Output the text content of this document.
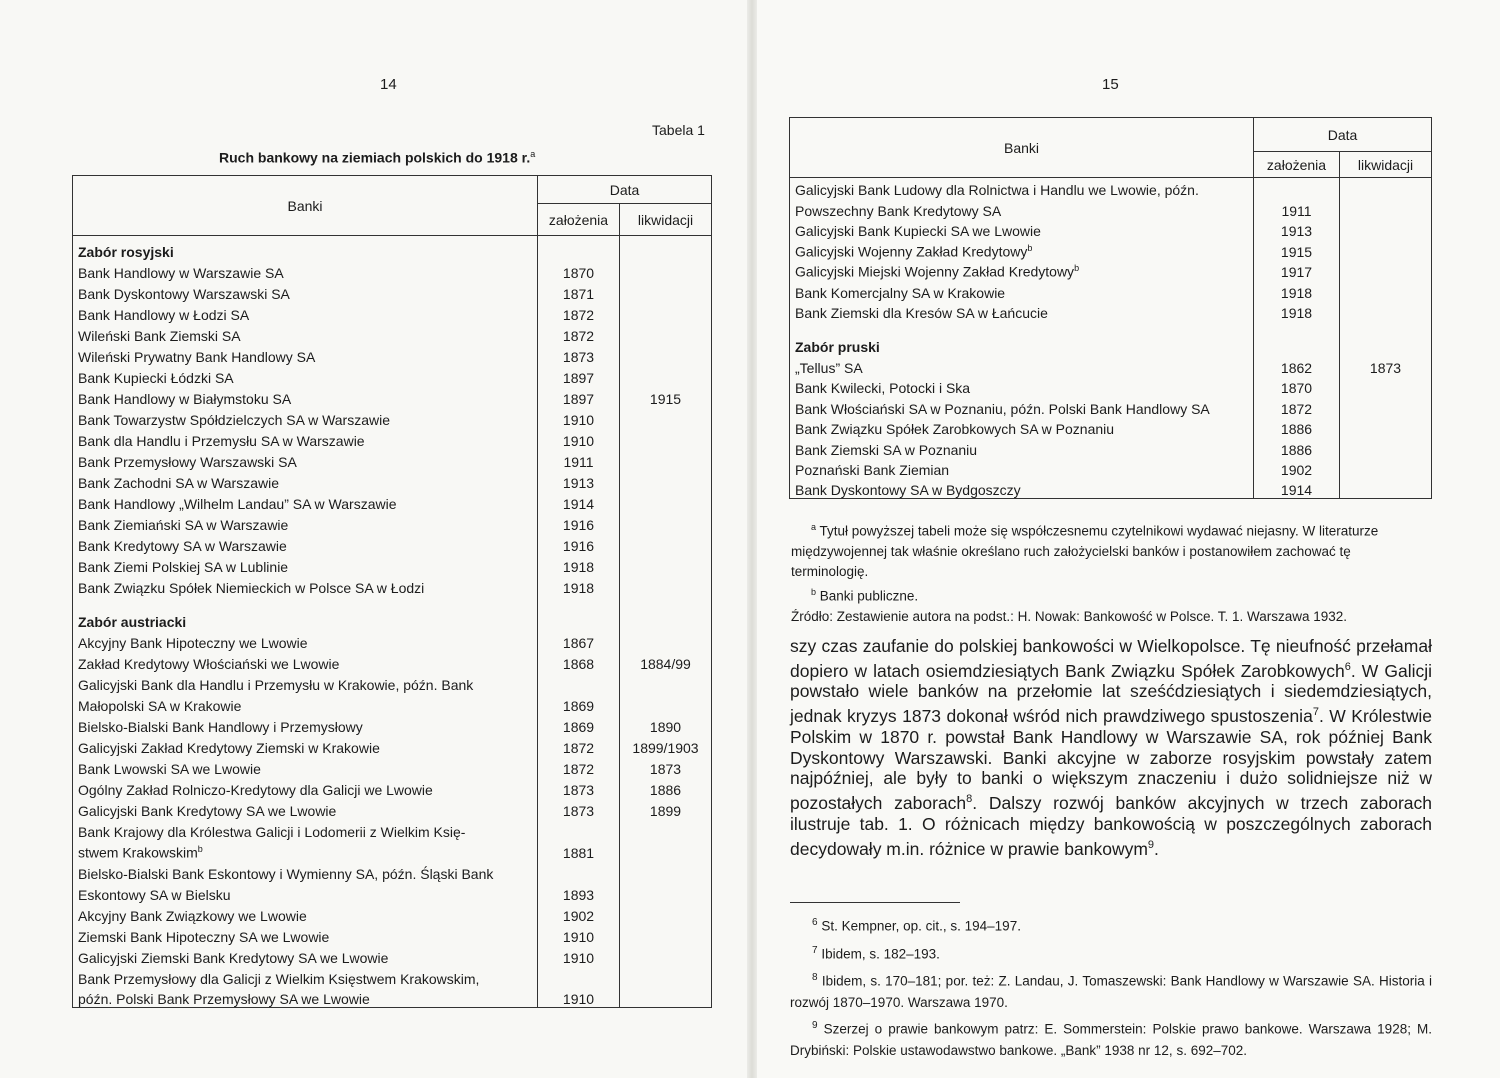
14
Tabela 1
Ruch bankowy na ziemiach polskich do 1918 r.$^a$
Banki	Data	
	założenia	likwidacji
Zabór rosyjski		
Bank Handlowy w Warszawie SA	1870	
Bank Dyskontowy Warszawski SA	1871	
Bank Handlowy w Łodzi SA	1872	
Wileński Bank Ziemski SA	1872	
Wileński Prywatny Bank Handlowy SA	1873	
Bank Kupiecki Łódzki SA	1897	
Bank Handlowy w Białymstoku SA	1897	1915
Bank Towarzystw Spółdzielczych SA w Warszawie	1910	
Bank dla Handlu i Przemysłu SA w Warszawie	1910	
Bank Przemysłowy Warszawski SA	1911	
Bank Zachodni SA w Warszawie	1913	
Bank Handlowy „Wilhelm Landau” SA w Warszawie	1914	
Bank Ziemiański SA w Warszawie	1916	
Bank Kredytowy SA w Warszawie	1916	
Bank Ziemi Polskiej SA w Lublinie	1918	
Bank Związku Spółek Niemieckich w Polsce SA w Łodzi	1918	
Zabór austriacki		
Akcyjny Bank Hipoteczny we Lwowie	1867	
Zakład Kredytowy Włościański we Lwowie	1868	1884/99
Galicyjski Bank dla Handlu i Przemysłu w Krakowie, późn. Bank		
Małopolski SA w Krakowie	1869	
Bielsko-Bialski Bank Handlowy i Przemysłowy	1869	1890
Galicyjski Zakład Kredytowy Ziemski w Krakowie	1872	1899/1903
Bank Lwowski SA we Lwowie	1872	1873
Ogólny Zakład Rolniczo-Kredytowy dla Galicji we Lwowie	1873	1886
Galicyjski Bank Kredytowy SA we Lwowie	1873	1899
Bank Krajowy dla Królestwa Galicji i Lodomerii z Wielkim Księ-		
stwem Krakowskim$^b$	1881	
Bielsko-Bialski Bank Eskontowy i Wymienny SA, późn. Śląski Bank		
Eskontowy SA w Bielsku	1893	
Akcyjny Bank Związkowy we Lwowie	1902	
Ziemski Bank Hipoteczny SA we Lwowie	1910	
Galicyjski Ziemski Bank Kredytowy SA we Lwowie	1910	
Bank Przemysłowy dla Galicji z Wielkim Księstwem Krakowskim,		
późn. Polski Bank Przemysłowy SA we Lwowie	1910	
15
Banki	Data	
	założenia	likwidacji
Galicyjski Bank Ludowy dla Rolnictwa i Handlu we Lwowie, późn.		
Powszechny Bank Kredytowy SA	1911	
Galicyjski Bank Kupiecki SA we Lwowie	1913	
Galicyjski Wojenny Zakład Kredytowy$^b$	1915	
Galicyjski Miejski Wojenny Zakład Kredytowy$^b$	1917	
Bank Komercjalny SA w Krakowie	1918	
Bank Ziemski dla Kresów SA w Łańcucie	1918	
Zabór pruski		
„Tellus” SA	1862	1873
Bank Kwilecki, Potocki i Ska	1870	
Bank Włościański SA w Poznaniu, późn. Polski Bank Handlowy SA	1872	
Bank Związku Spółek Zarobkowych SA w Poznaniu	1886	
Bank Ziemski SA w Poznaniu	1886	
Poznański Bank Ziemian	1902	
Bank Dyskontowy SA w Bydgoszczy	1914	

$^a$ Tytuł powyższej tabeli może się współczesnemu czytelnikowi wydawać niejasny. W literaturze międzywojennej tak właśnie określano ruch założycielski banków i postanowiłem zachować tę terminologię.

$^b$ Banki publiczne.

Źródło: Zestawienie autora na podst.: H. Nowak: Bankowość w Polsce. T. 1. Warszawa 1932.

szy czas zaufanie do polskiej bankowości w Wielkopolsce. Tę nieufność przełamał dopiero w latach osiemdziesiątych Bank Związku Spółek Zarobkowych$^6$. W Galicji powstało wiele banków na przełomie lat sześćdziesiątych i siedemdziesiątych, jednak kryzys 1873 dokonał wśród nich prawdziwego spustoszenia$^7$. W Królestwie Polskim w 1870 r. powstał Bank Handlowy w Warszawie SA, rok później Bank Dyskontowy Warszawski. Banki akcyjne w zaborze rosyjskim powstały zatem najpóźniej, ale były to banki o większym znaczeniu i dużo solidniejsze niż w pozostałych zaborach$^8$. Dalszy rozwój banków akcyjnych w trzech zaborach ilustruje tab. 1. O różnicach między bankowością w poszczególnych zaborach decydowały m.in. różnice w prawie bankowym$^9$.

$^6$ St. Kempner, op. cit., s. 194–197.

$^7$ Ibidem, s. 182–193.

$^8$ Ibidem, s. 170–181; por. też: Z. Landau, J. Tomaszewski: Bank Handlowy w Warszawie SA. Historia i rozwój 1870–1970. Warszawa 1970.

$^9$ Szerzej o prawie bankowym patrz: E. Sommerstein: Polskie prawo bankowe. Warszawa 1928; M. Drybiński: Polskie ustawodawstwo bankowe. „Bank” 1938 nr 12, s. 692–702.
